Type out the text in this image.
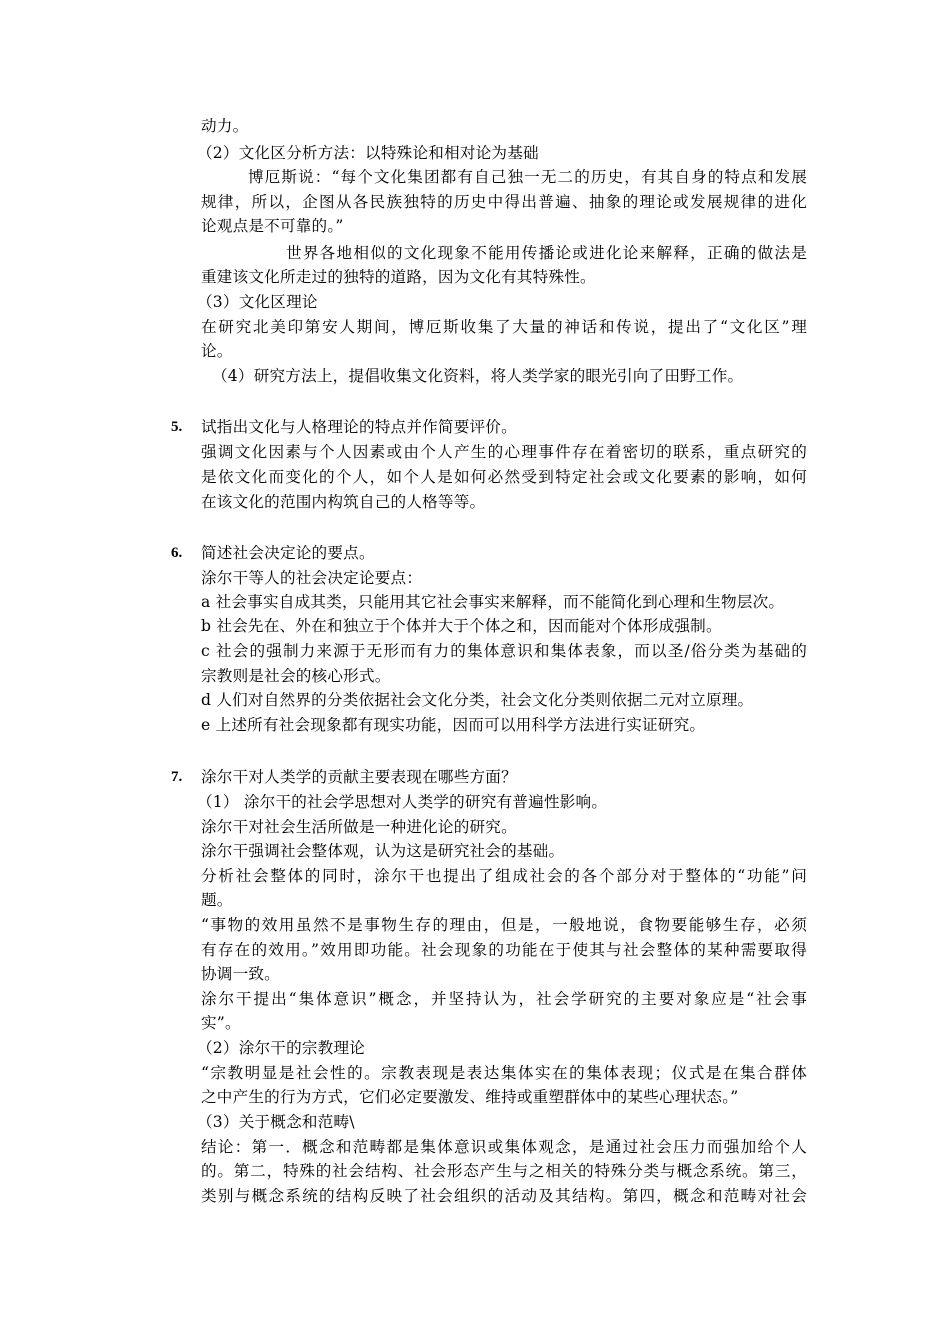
动力。
（2）文化区分析方法：以特殊论和相对论为基础
博厄斯说：“每个文化集团都有自己独一无二的历史，有其自身的特点和发展
规律，所以，企图从各民族独特的历史中得出普遍、抽象的理论或发展规律的进化
论观点是不可靠的。”
世界各地相似的文化现象不能用传播论或进化论来解释，正确的做法是
重建该文化所走过的独特的道路，因为文化有其特殊性。
（3）文化区理论
在研究北美印第安人期间，博厄斯收集了大量的神话和传说，提出了“文化区”理
论。
（4）研究方法上，提倡收集文化资料，将人类学家的眼光引向了田野工作。
5. 试指出文化与人格理论的特点并作简要评价。
强调文化因素与个人因素或由个人产生的心理事件存在着密切的联系，重点研究的
是依文化而变化的个人，如个人是如何必然受到特定社会或文化要素的影响，如何
在该文化的范围内构筑自己的人格等等。
6. 简述社会决定论的要点。
涂尔干等人的社会决定论要点：
a 社会事实自成其类，只能用其它社会事实来解释，而不能简化到心理和生物层次。
b 社会先在、外在和独立于个体并大于个体之和，因而能对个体形成强制。
c 社会的强制力来源于无形而有力的集体意识和集体表象，而以圣/俗分类为基础的
宗教则是社会的核心形式。
d 人们对自然界的分类依据社会文化分类，社会文化分类则依据二元对立原理。
e 上述所有社会现象都有现实功能，因而可以用科学方法进行实证研究。
7. 涂尔干对人类学的贡献主要表现在哪些方面？
（1） 涂尔干的社会学思想对人类学的研究有普遍性影响。
涂尔干对社会生活所做是一种进化论的研究。
涂尔干强调社会整体观，认为这是研究社会的基础。
分析社会整体的同时，涂尔干也提出了组成社会的各个部分对于整体的“功能”问
题。
“事物的效用虽然不是事物生存的理由，但是，一般地说，食物要能够生存，必须
有存在的效用。”效用即功能。社会现象的功能在于使其与社会整体的某种需要取得
协调一致。
涂尔干提出“集体意识”概念，并坚持认为，社会学研究的主要对象应是“社会事
实”。
（2）涂尔干的宗教理论
“宗教明显是社会性的。宗教表现是表达集体实在的集体表现；仪式是在集合群体
之中产生的行为方式，它们必定要激发、维持或重塑群体中的某些心理状态。”
（3）关于概念和范畴\
结论：第一．概念和范畴都是集体意识或集体观念，是通过社会压力而强加给个人
的。第二，特殊的社会结构、社会形态产生与之相关的特殊分类与概念系统。第三，
类别与概念系统的结构反映了社会组织的活动及其结构。第四，概念和范畴对社会
